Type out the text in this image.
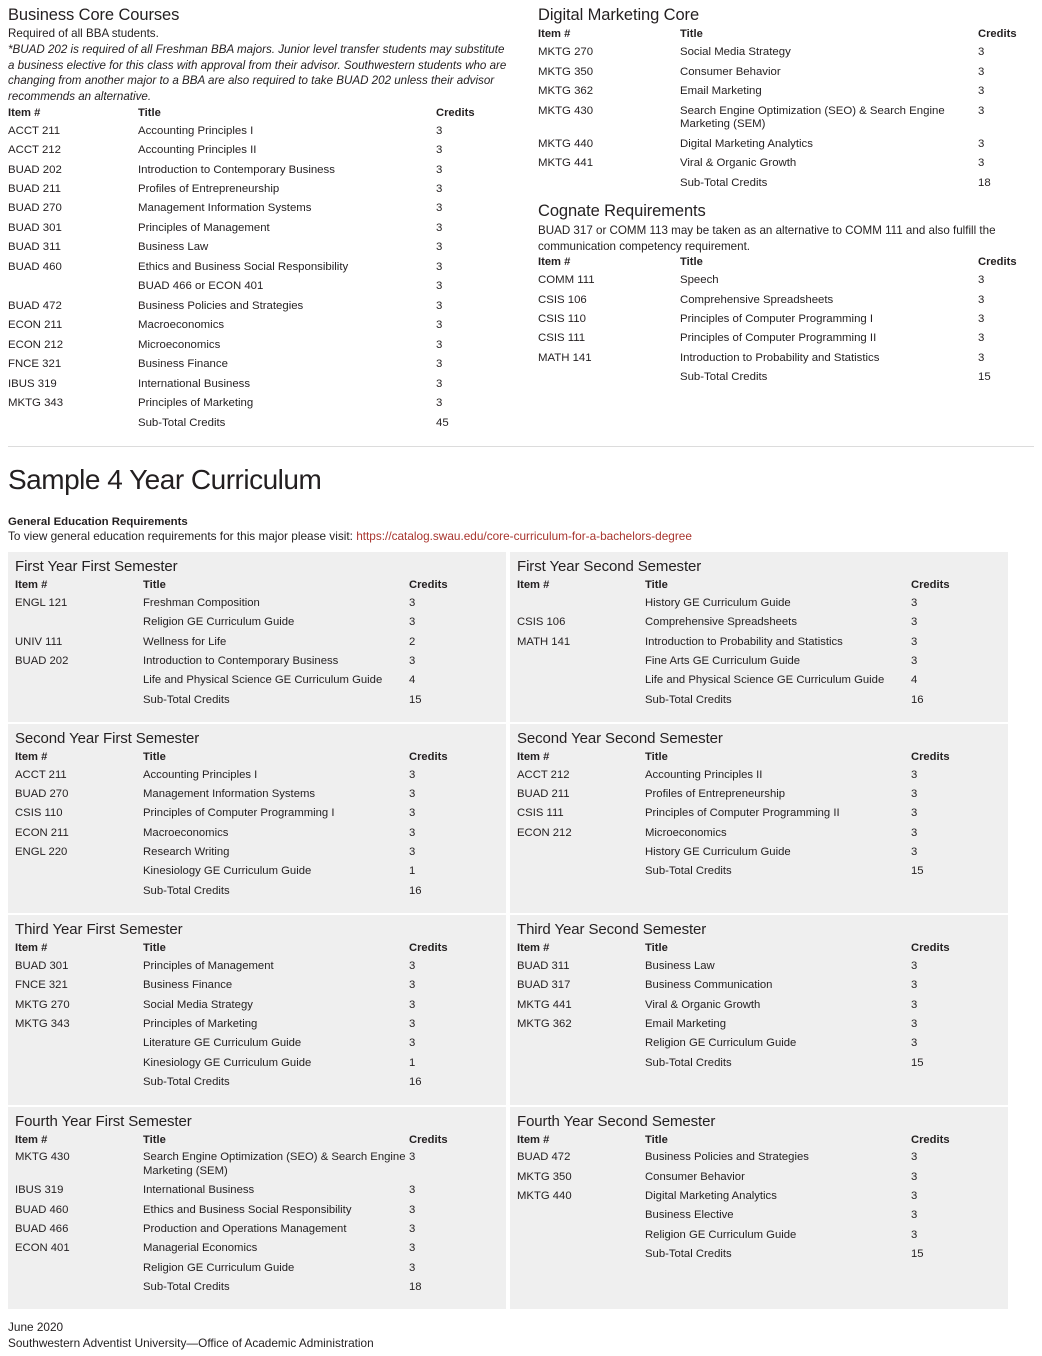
Business Core Courses

Required of all BBA students.

*BUAD 202 is required of all Freshman BBA majors. Junior level transfer students may substitute a business elective for this class with approval from their advisor. Southwestern students who are changing from another major to a BBA are also required to take BUAD 202 unless their advisor recommends an alternative.

Item #	Title	Credits
ACCT 211	Accounting Principles I	3
ACCT 212	Accounting Principles II	3
BUAD 202	Introduction to Contemporary Business	3
BUAD 211	Profiles of Entrepreneurship	3
BUAD 270	Management Information Systems	3
BUAD 301	Principles of Management	3
BUAD 311	Business Law	3
BUAD 460	Ethics and Business Social Responsibility	3
	BUAD 466 or ECON 401	3
BUAD 472	Business Policies and Strategies	3
ECON 211	Macroeconomics	3
ECON 212	Microeconomics	3
FNCE 321	Business Finance	3
IBUS 319	International Business	3
MKTG 343	Principles of Marketing	3
	Sub-Total Credits	45
Digital Marketing Core
Item #	Title	Credits
MKTG 270	Social Media Strategy	3
MKTG 350	Consumer Behavior	3
MKTG 362	Email Marketing	3
MKTG 430	Search Engine Optimization (SEO) & Search Engine Marketing (SEM)	3
MKTG 440	Digital Marketing Analytics	3
MKTG 441	Viral & Organic Growth	3
	Sub-Total Credits	18
Cognate Requirements

BUAD 317 or COMM 113 may be taken as an alternative to COMM 111 and also fulfill the communication competency requirement.

Item #	Title	Credits
COMM 111	Speech	3
CSIS 106	Comprehensive Spreadsheets	3
CSIS 110	Principles of Computer Programming I	3
CSIS 111	Principles of Computer Programming II	3
MATH 141	Introduction to Probability and Statistics	3
	Sub-Total Credits	15
Sample 4 Year Curriculum
General Education Requirements
To view general education requirements for this major please visit: https://catalog.swau.edu/core-curriculum-for-a-bachelors-degree
First Year First Semester
Item #	Title	Credits
ENGL 121	Freshman Composition	3
	Religion GE Curriculum Guide	3
UNIV 111	Wellness for Life	2
BUAD 202	Introduction to Contemporary Business	3
	Life and Physical Science GE Curriculum Guide	4
	Sub-Total Credits	15
First Year Second Semester
Item #	Title	Credits
	History GE Curriculum Guide	3
CSIS 106	Comprehensive Spreadsheets	3
MATH 141	Introduction to Probability and Statistics	3
	Fine Arts GE Curriculum Guide	3
	Life and Physical Science GE Curriculum Guide	4
	Sub-Total Credits	16
Second Year First Semester
Item #	Title	Credits
ACCT 211	Accounting Principles I	3
BUAD 270	Management Information Systems	3
CSIS 110	Principles of Computer Programming I	3
ECON 211	Macroeconomics	3
ENGL 220	Research Writing	3
	Kinesiology GE Curriculum Guide	1
	Sub-Total Credits	16
Second Year Second Semester
Item #	Title	Credits
ACCT 212	Accounting Principles II	3
BUAD 211	Profiles of Entrepreneurship	3
CSIS 111	Principles of Computer Programming II	3
ECON 212	Microeconomics	3
	History GE Curriculum Guide	3
	Sub-Total Credits	15
Third Year First Semester
Item #	Title	Credits
BUAD 301	Principles of Management	3
FNCE 321	Business Finance	3
MKTG 270	Social Media Strategy	3
MKTG 343	Principles of Marketing	3
	Literature GE Curriculum Guide	3
	Kinesiology GE Curriculum Guide	1
	Sub-Total Credits	16
Third Year Second Semester
Item #	Title	Credits
BUAD 311	Business Law	3
BUAD 317	Business Communication	3
MKTG 441	Viral & Organic Growth	3
MKTG 362	Email Marketing	3
	Religion GE Curriculum Guide	3
	Sub-Total Credits	15
Fourth Year First Semester
Item #	Title	Credits
MKTG 430	Search Engine Optimization (SEO) & Search Engine Marketing (SEM)	3
IBUS 319	International Business	3
BUAD 460	Ethics and Business Social Responsibility	3
BUAD 466	Production and Operations Management	3
ECON 401	Managerial Economics	3
	Religion GE Curriculum Guide	3
	Sub-Total Credits	18
Fourth Year Second Semester
Item #	Title	Credits
BUAD 472	Business Policies and Strategies	3
MKTG 350	Consumer Behavior	3
MKTG 440	Digital Marketing Analytics	3
	Business Elective	3
	Religion GE Curriculum Guide	3
	Sub-Total Credits	15
June 2020
Southwestern Adventist University—Office of Academic Administration
